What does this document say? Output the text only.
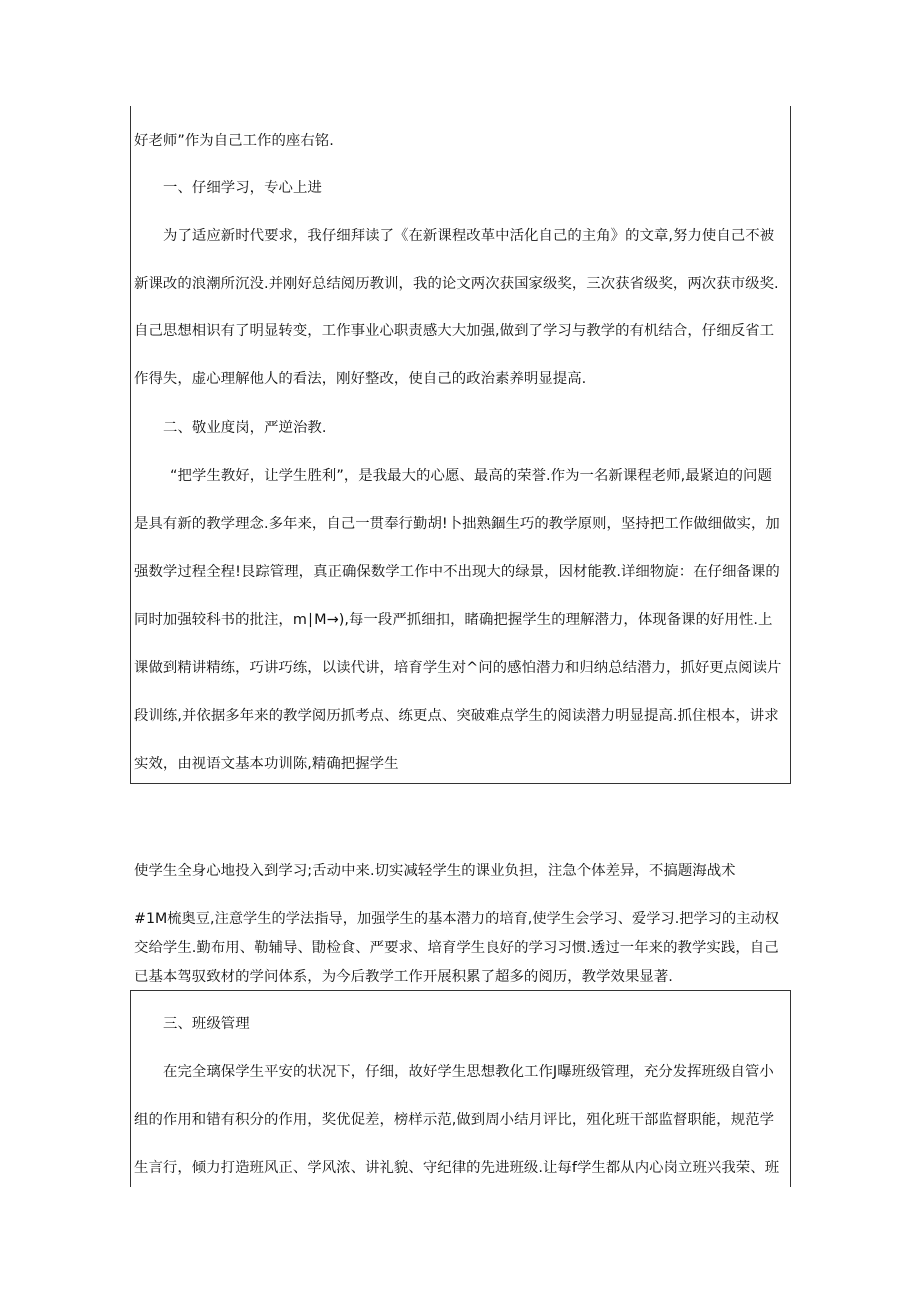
好老师”作为自己工作的座右铭.

一、仔细学习，专心上进

为了适应新时代要求，我仔细拜读了《在新课程改革中活化自己的主角》的文章,努力使自己不被

新课改的浪潮所沉没.并刚好总结阅历教训，我的论文两次获国家级奖，三次获省级奖，两次获市级奖.

自己思想相识有了明显转变，工作事业心职责感大大加强,做到了学习与教学的有机结合，仔细反省工

作得失，虚心理解他人的看法，刚好整改，使自己的政治素养明显提高.

二、敬业度岗，严逆治教.

“把学生教好，让学生胜利”，是我最大的心愿、最高的荣誉.作为一名新课程老师,最紧迫的问题

是具有新的教学理念.多年来，自己一贯奉行勤胡!卜拙熟錮生巧的教学原则，坚持把工作做细做实，加

强数学过程全程!艮踪管理，真正确保数学工作中不出现大的绿景，因材能教.详细物旋：在仔细备课的

同时加强较科书的批注，m∣M→),每一段严抓细扣，睹确把握学生的理解潜力，体现备课的好用性.上

课做到精讲精练，巧讲巧练，以读代讲，培育学生对^问的感怕潜力和归纳总结潜力，抓好更点阅读片

段训练,并依据多年来的教学阅历抓考点、练更点、突破难点学生的阅读潜力明显提高.抓住根本，讲求

实效，由视语文基本功训陈,精确把握学生

使学生全身心地投入到学习;舌动中来.切实减轻学生的课业负担，注急个体差异，不搞题海战术

#1M梳奥豆,注意学生的学法指导，加强学生的基本潜力的培育,使学生会学习、爱学习.把学习的主动权

交给学生.勤布用、勒辅导、勖检食、严要求、培育学生良好的学习习惯.透过一年来的教学实践，自己

已基本驾驭致材的学问体系，为今后教学工作开展积累了超多的阅历，教学效果显著.

三、班级管理

在完全璃保学生平安的状况下，仔细，故好学生思想教化工作J曝班级管理，充分发挥班级自管小

组的作用和错有积分的作用，奖优促差，榜样示范,做到周小结月评比，殂化班干部监督职能，规范学

生言行，倾力打造班风正、学风浓、讲礼貌、守纪律的先进班级.让每f学生都从内心岗立班兴我荣、班
